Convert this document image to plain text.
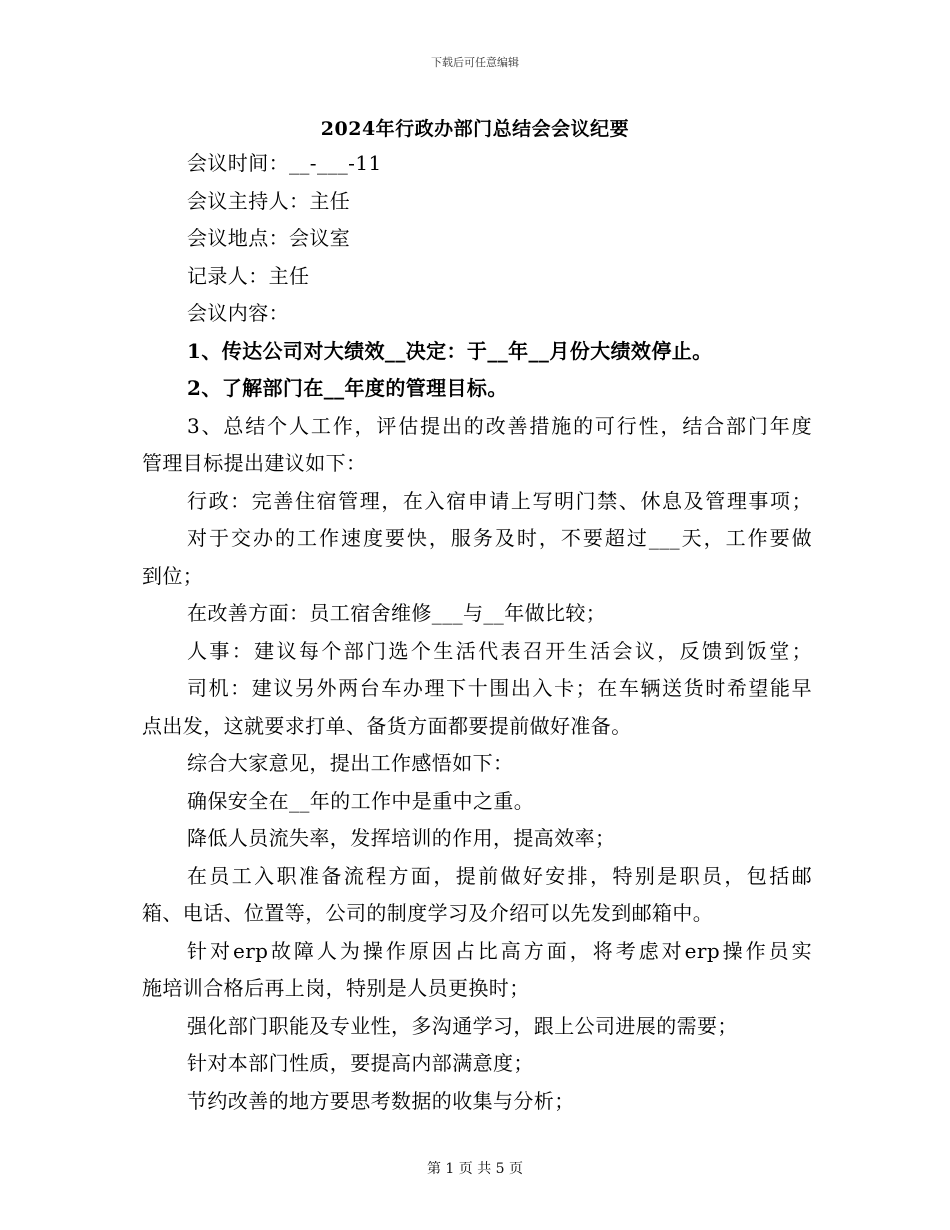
下载后可任意编辑
2024年行政办部门总结会会议纪要
会议时间：__-___-11
会议主持人：主任
会议地点：会议室
记录人：主任
会议内容：
1、传达公司对大绩效__决定：于__年__月份大绩效停止。
2、了解部门在__年度的管理目标。
3、总结个人工作，评估提出的改善措施的可行性，结合部门年度
管理目标提出建议如下：
行政：完善住宿管理，在入宿申请上写明门禁、休息及管理事项；
对于交办的工作速度要快，服务及时，不要超过___天，工作要做
到位；
在改善方面：员工宿舍维修___与__年做比较；
人事：建议每个部门选个生活代表召开生活会议，反馈到饭堂；
司机：建议另外两台车办理下十围出入卡；在车辆送货时希望能早
点出发，这就要求打单、备货方面都要提前做好准备。
综合大家意见，提出工作感悟如下：
确保安全在__年的工作中是重中之重。
降低人员流失率，发挥培训的作用，提高效率；
在员工入职准备流程方面，提前做好安排，特别是职员，包括邮
箱、电话、位置等，公司的制度学习及介绍可以先发到邮箱中。
针对erp故障人为操作原因占比高方面，将考虑对erp操作员实
施培训合格后再上岗，特别是人员更换时；
强化部门职能及专业性，多沟通学习，跟上公司进展的需要；
针对本部门性质，要提高内部满意度；
节约改善的地方要思考数据的收集与分析；
第 1 页 共 5 页
